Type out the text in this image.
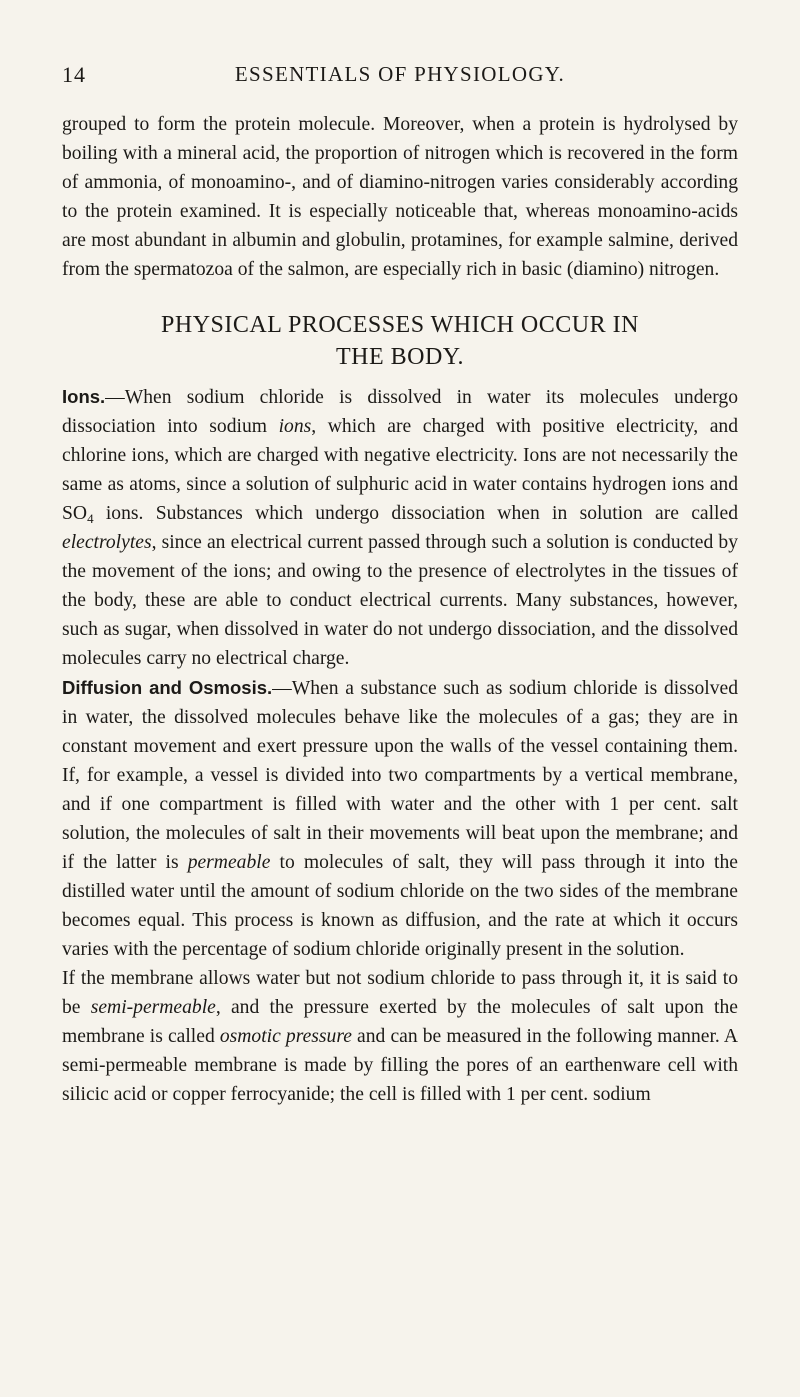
14	ESSENTIALS OF PHYSIOLOGY.

grouped to form the protein molecule. Moreover, when a protein is hydrolysed by boiling with a mineral acid, the proportion of nitrogen which is recovered in the form of ammonia, of monoamino-, and of diamino-nitrogen varies considerably according to the protein examined. It is especially noticeable that, whereas monoamino-acids are most abundant in albumin and globulin, protamines, for example salmine, derived from the spermatozoa of the salmon, are especially rich in basic (diamino) nitrogen.

PHYSICAL PROCESSES WHICH OCCUR IN
THE BODY.

Ions.—When sodium chloride is dissolved in water its molecules undergo dissociation into sodium ions, which are charged with positive electricity, and chlorine ions, which are charged with negative electricity. Ions are not necessarily the same as atoms, since a solution of sulphuric acid in water contains hydrogen ions and $SO_4$ ions. Substances which undergo dissociation when in solution are called electrolytes, since an electrical current passed through such a solution is conducted by the movement of the ions; and owing to the presence of electrolytes in the tissues of the body, these are able to conduct electrical currents. Many substances, however, such as sugar, when dissolved in water do not undergo dissociation, and the dissolved molecules carry no electrical charge.

Diffusion and Osmosis.—When a substance such as sodium chloride is dissolved in water, the dissolved molecules behave like the molecules of a gas; they are in constant movement and exert pressure upon the walls of the vessel containing them. If, for example, a vessel is divided into two compartments by a vertical membrane, and if one compartment is filled with water and the other with 1 per cent. salt solution, the molecules of salt in their movements will beat upon the membrane; and if the latter is permeable to molecules of salt, they will pass through it into the distilled water until the amount of sodium chloride on the two sides of the membrane becomes equal. This process is known as diffusion, and the rate at which it occurs varies with the percentage of sodium chloride originally present in the solution.

If the membrane allows water but not sodium chloride to pass through it, it is said to be semi-permeable, and the pressure exerted by the molecules of salt upon the membrane is called osmotic pressure and can be measured in the following manner. A semi-permeable membrane is made by filling the pores of an earthenware cell with silicic acid or copper ferrocyanide; the cell is filled with 1 per cent. sodium
